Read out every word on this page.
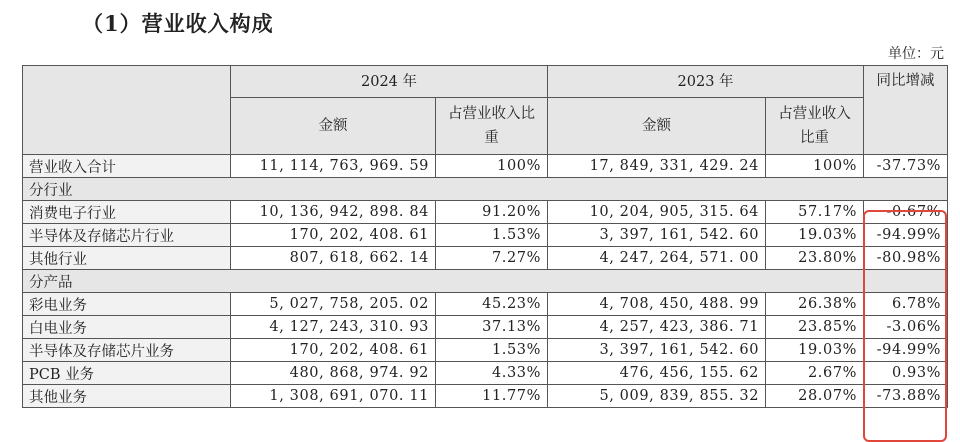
（1）营业收入构成
单位：元
	2024 年		2023 年		同比增减
	金额	占营业收入比重	金额	占营业收入比重	
营业收入合计	11, 114, 763, 969. 59	100%	17, 849, 331, 429. 24	100%	-37.73%
分行业					
消费电子行业	10, 136, 942, 898. 84	91.20%	10, 204, 905, 315. 64	57.17%	-0.67%
半导体及存储芯片行业	170, 202, 408. 61	1.53%	3, 397, 161, 542. 60	19.03%	-94.99%
其他行业	807, 618, 662. 14	7.27%	4, 247, 264, 571. 00	23.80%	-80.98%
分产品					
彩电业务	5, 027, 758, 205. 02	45.23%	4, 708, 450, 488. 99	26.38%	6.78%
白电业务	4, 127, 243, 310. 93	37.13%	4, 257, 423, 386. 71	23.85%	-3.06%
半导体及存储芯片业务	170, 202, 408. 61	1.53%	3, 397, 161, 542. 60	19.03%	-94.99%
PCB 业务	480, 868, 974. 92	4.33%	476, 456, 155. 62	2.67%	0.93%
其他业务	1, 308, 691, 070. 11	11.77%	5, 009, 839, 855. 32	28.07%	-73.88%
